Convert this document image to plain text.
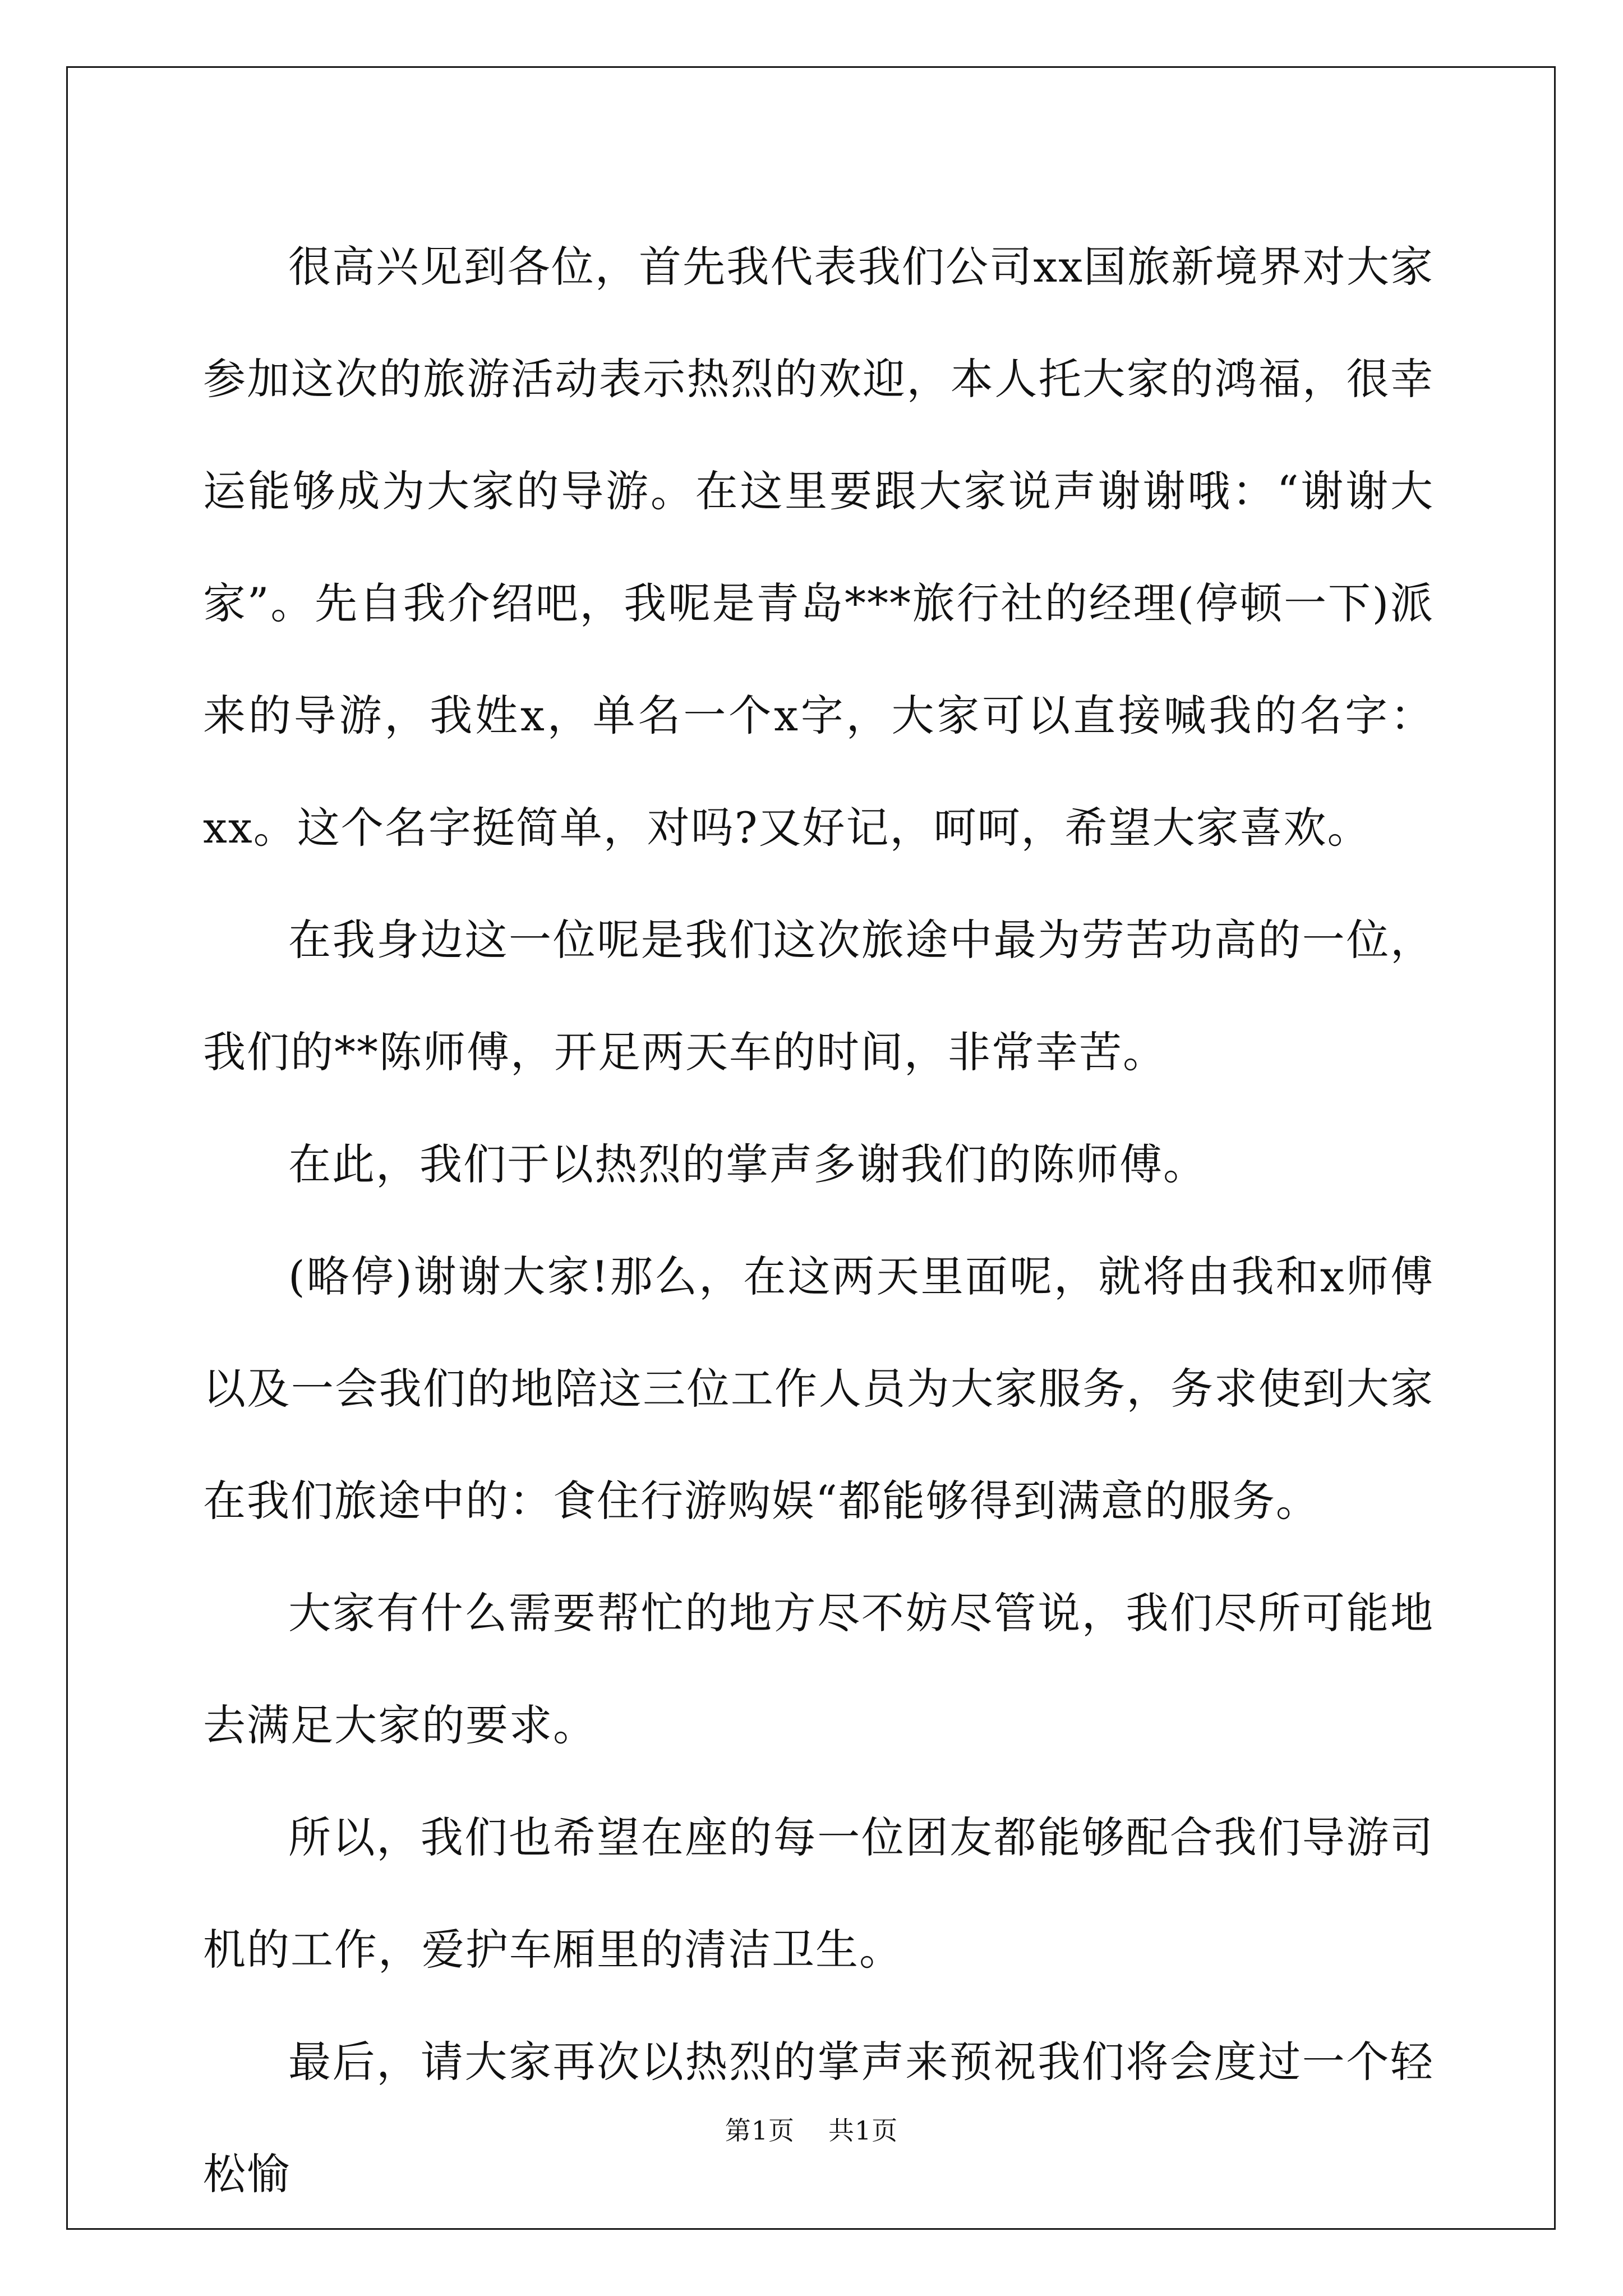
很高兴见到各位，首先我代表我们公司xx国旅新境界对大家参加这次的旅游活动表示热烈的欢迎，本人托大家的鸿福，很幸运能够成为大家的导游。在这里要跟大家说声谢谢哦：“谢谢大家”。先自我介绍吧，我呢是青岛***旅行社的经理(停顿一下)派来的导游，我姓x，单名一个x字，大家可以直接喊我的名字：xx。这个名字挺简单，对吗?又好记，呵呵，希望大家喜欢。

在我身边这一位呢是我们这次旅途中最为劳苦功高的一位，我们的**陈师傅，开足两天车的时间，非常幸苦。

在此，我们于以热烈的掌声多谢我们的陈师傅。

(略停)谢谢大家!那么，在这两天里面呢，就将由我和x师傅以及一会我们的地陪这三位工作人员为大家服务，务求使到大家在我们旅途中的：食住行游购娱“都能够得到满意的服务。

大家有什么需要帮忙的地方尽不妨尽管说，我们尽所可能地去满足大家的要求。

所以，我们也希望在座的每一位团友都能够配合我们导游司机的工作，爱护车厢里的清洁卫生。

最后，请大家再次以热烈的掌声来预祝我们将会度过一个轻松愉

第1页 共1页
